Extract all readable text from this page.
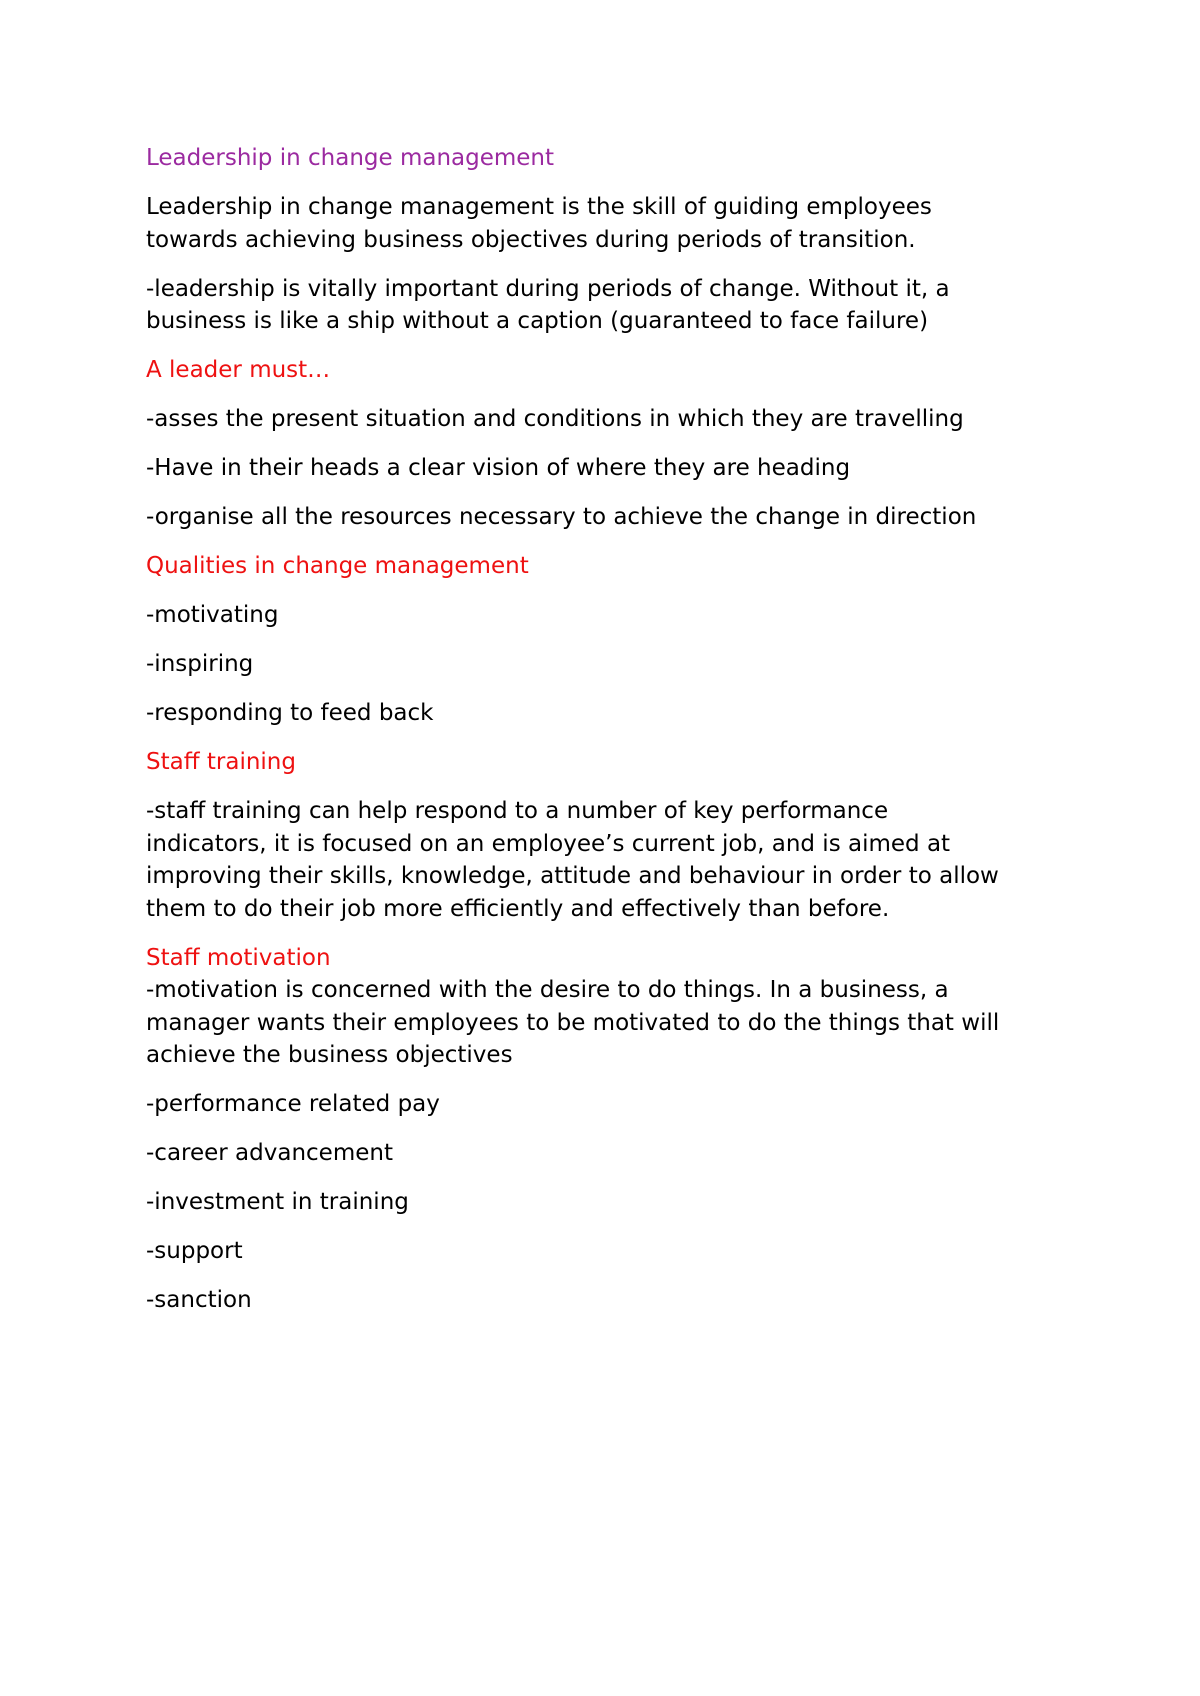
Leadership in change management
Leadership in change management is the skill of guiding employees
towards achieving business objectives during periods of transition.
-leadership is vitally important during periods of change. Without it, a
business is like a ship without a caption (guaranteed to face failure)
A leader must…
-asses the present situation and conditions in which they are travelling
-Have in their heads a clear vision of where they are heading
-organise all the resources necessary to achieve the change in direction
Qualities in change management
-motivating
-inspiring
-responding to feed back
Staff training
-staff training can help respond to a number of key performance
indicators, it is focused on an employee’s current job, and is aimed at
improving their skills, knowledge, attitude and behaviour in order to allow
them to do their job more efficiently and effectively than before.
Staff motivation
-motivation is concerned with the desire to do things. In a business, a
manager wants their employees to be motivated to do the things that will
achieve the business objectives
-performance related pay
-career advancement
-investment in training
-support
-sanction
